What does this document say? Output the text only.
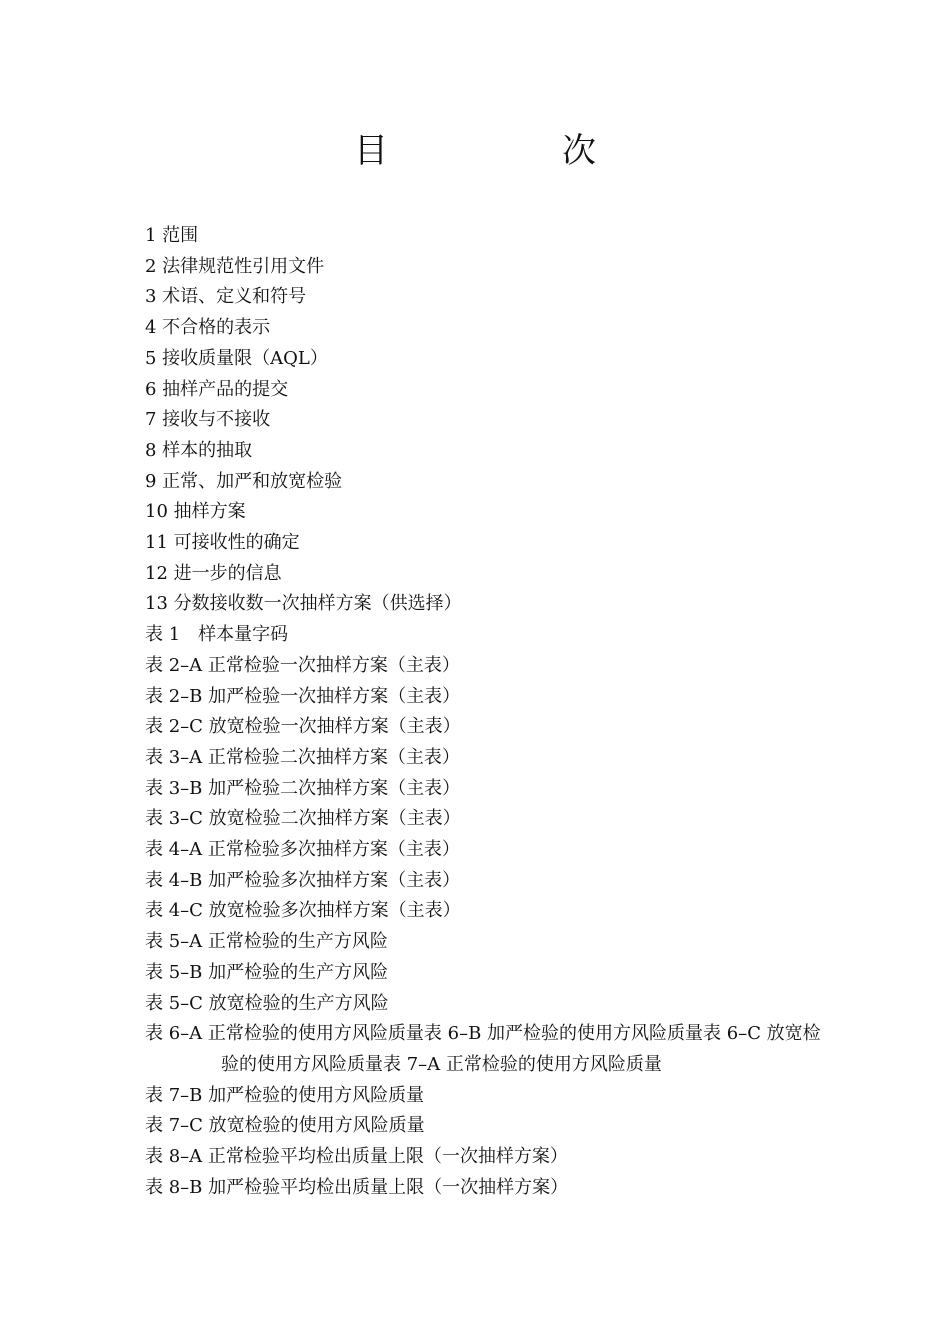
目　次
1 范围
2 法律规范性引用文件
3 术语、定义和符号
4 不合格的表示
5 接收质量限（AQL）
6 抽样产品的提交
7 接收与不接收
8 样本的抽取
9 正常、加严和放宽检验
10 抽样方案
11 可接收性的确定
12 进一步的信息
13 分数接收数一次抽样方案（供选择）
表 1　样本量字码
表 2–A 正常检验一次抽样方案（主表）
表 2–B 加严检验一次抽样方案（主表）
表 2–C 放宽检验一次抽样方案（主表）
表 3–A 正常检验二次抽样方案（主表）
表 3–B 加严检验二次抽样方案（主表）
表 3–C 放宽检验二次抽样方案（主表）
表 4–A 正常检验多次抽样方案（主表）
表 4–B 加严检验多次抽样方案（主表）
表 4–C 放宽检验多次抽样方案（主表）
表 5–A 正常检验的生产方风险
表 5–B 加严检验的生产方风险
表 5–C 放宽检验的生产方风险
表 6–A 正常检验的使用方风险质量表 6–B 加严检验的使用方风险质量表 6–C 放宽检验的使用方风险质量表 7–A 正常检验的使用方风险质量
表 7–B 加严检验的使用方风险质量
表 7–C 放宽检验的使用方风险质量
表 8–A 正常检验平均检出质量上限（一次抽样方案）
表 8–B 加严检验平均检出质量上限（一次抽样方案）
